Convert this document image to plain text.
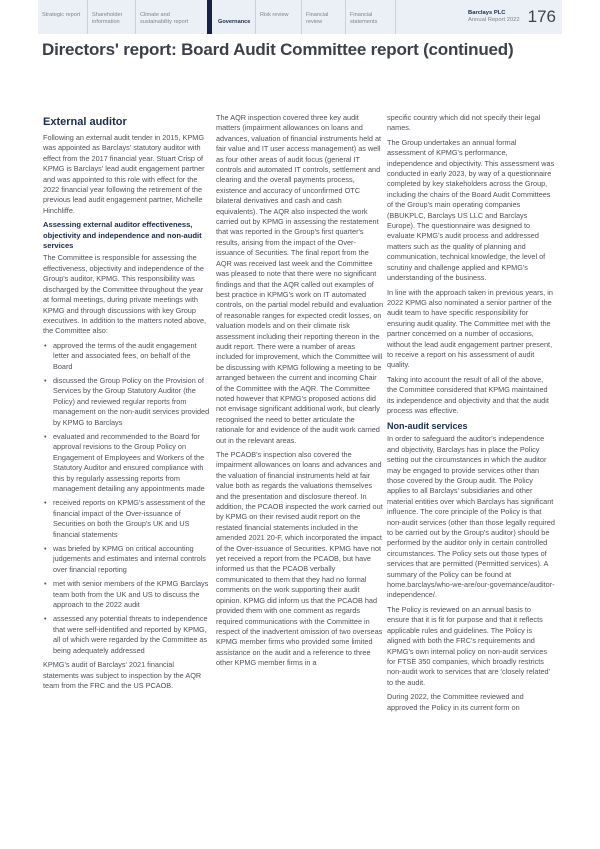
Strategic report	Shareholder information
Climate and sustainability report	Governance
Risk review	Financial review
Financial statements
Barclays PLC
Annual Report 2022 176
Directors' report: Board Audit Committee report (continued)
External auditor

Following an external audit tender in 2015, KPMG was appointed as Barclays' statutory auditor with effect from the 2017 financial year. Stuart Crisp of KPMG is Barclays' lead audit engagement partner and was appointed to this role with effect for the 2022 financial year following the retirement of the previous lead audit engagement partner, Michelle Hinchliffe.

Assessing external auditor effectiveness, objectivity and independence and non-audit services

The Committee is responsible for assessing the effectiveness, objectivity and independence of the Group's auditor, KPMG. This responsibility was discharged by the Committee throughout the year at formal meetings, during private meetings with KPMG and through discussions with key Group executives. In addition to the matters noted above, the Committee also:

• approved the terms of the audit engagement letter and associated fees, on behalf of the Board
• discussed the Group Policy on the Provision of Services by the Group Statutory Auditor (the Policy) and reviewed regular reports from management on the non-audit services provided by KPMG to Barclays
• evaluated and recommended to the Board for approval revisions to the Group Policy on Engagement of Employees and Workers of the Statutory Auditor and ensured compliance with this by regularly assessing reports from management detailing any appointments made
• received reports on KPMG's assessment of the financial impact of the Over-issuance of Securities on both the Group's UK and US financial statements
• was briefed by KPMG on critical accounting judgements and estimates and internal controls over financial reporting
• met with senior members of the KPMG Barclays team both from the UK and US to discuss the approach to the 2022 audit
• assessed any potential threats to independence that were self-identified and reported by KPMG, all of which were regarded by the Committee as being adequately addressed

KPMG's audit of Barclays' 2021 financial statements was subject to inspection by the AQR team from the FRC and the US PCAOB.

The AQR inspection covered three key audit matters (impairment allowances on loans and advances, valuation of financial instruments held at fair value and IT user access management) as well as four other areas of audit focus (general IT controls and automated IT controls, settlement and clearing and the overall payments process, existence and accuracy of unconfirmed OTC bilateral derivatives and cash and cash equivalents). The AQR also inspected the work carried out by KPMG in assessing the restatement that was reported in the Group's first quarter's results, arising from the impact of the Over-issuance of Securities. The final report from the AQR was received last week and the Committee was pleased to note that there were no significant findings and that the AQR called out examples of best practice in KPMG's work on IT automated controls, on the partial model rebuild and evaluation of reasonable ranges for expected credit losses, on valuation models and on their climate risk assessment including their reporting thereon in the audit report. There were a number of areas included for improvement, which the Committee will be discussing with KPMG following a meeting to be arranged between the current and incoming Chair of the Committee with the AQR. The Committee noted however that KPMG's proposed actions did not envisage significant additional work, but clearly recognised the need to better articulate the rationale for and evidence of the audit work carried out in the relevant areas.

The PCAOB's inspection also covered the impairment allowances on loans and advances and the valuation of financial instruments held at fair value both as regards the valuations themselves and the presentation and disclosure thereof. In addition, the PCAOB inspected the work carried out by KPMG on their revised audit report on the restated financial statements included in the amended 2021 20-F, which incorporated the impact of the Over-issuance of Securities. KPMG have not yet received a report from the PCAOB, but have informed us that the PCAOB verbally communicated to them that they had no formal comments on the work supporting their audit opinion. KPMG did inform us that the PCAOB had provided them with one comment as regards required communications with the Committee in respect of the inadvertent omission of two overseas KPMG member firms who provided some limited assistance on the audit and a reference to three other KPMG member firms in a

specific country which did not specify their legal names.

The Group undertakes an annual formal assessment of KPMG's performance, independence and objectivity. This assessment was conducted in early 2023, by way of a questionnaire completed by key stakeholders across the Group, including the chairs of the Board Audit Committees of the Group's main operating companies (BBUKPLC, Barclays US LLC and Barclays Europe). The questionnaire was designed to evaluate KPMG's audit process and addressed matters such as the quality of planning and communication, technical knowledge, the level of scrutiny and challenge applied and KPMG's understanding of the business.

In line with the approach taken in previous years, in 2022 KPMG also nominated a senior partner of the audit team to have specific responsibility for ensuring audit quality. The Committee met with the partner concerned on a number of occasions, without the lead audit engagement partner present, to receive a report on his assessment of audit quality.

Taking into account the result of all of the above, the Committee considered that KPMG maintained its independence and objectivity and that the audit process was effective.

Non-audit services

In order to safeguard the auditor's independence and objectivity, Barclays has in place the Policy setting out the circumstances in which the auditor may be engaged to provide services other than those covered by the Group audit. The Policy applies to all Barclays' subsidiaries and other material entities over which Barclays has significant influence. The core principle of the Policy is that non-audit services (other than those legally required to be carried out by the Group's auditor) should be performed by the auditor only in certain controlled circumstances. The Policy sets out those types of services that are permitted (Permitted services). A summary of the Policy can be found at home.barclays/who-we-are/our-governance/auditor-independence/.

The Policy is reviewed on an annual basis to ensure that it is fit for purpose and that it reflects applicable rules and guidelines. The Policy is aligned with both the FRC's requirements and KPMG's own internal policy on non-audit services for FTSE 350 companies, which broadly restricts non-audit work to services that are 'closely related' to the audit.

During 2022, the Committee reviewed and approved the Policy in its current form on
